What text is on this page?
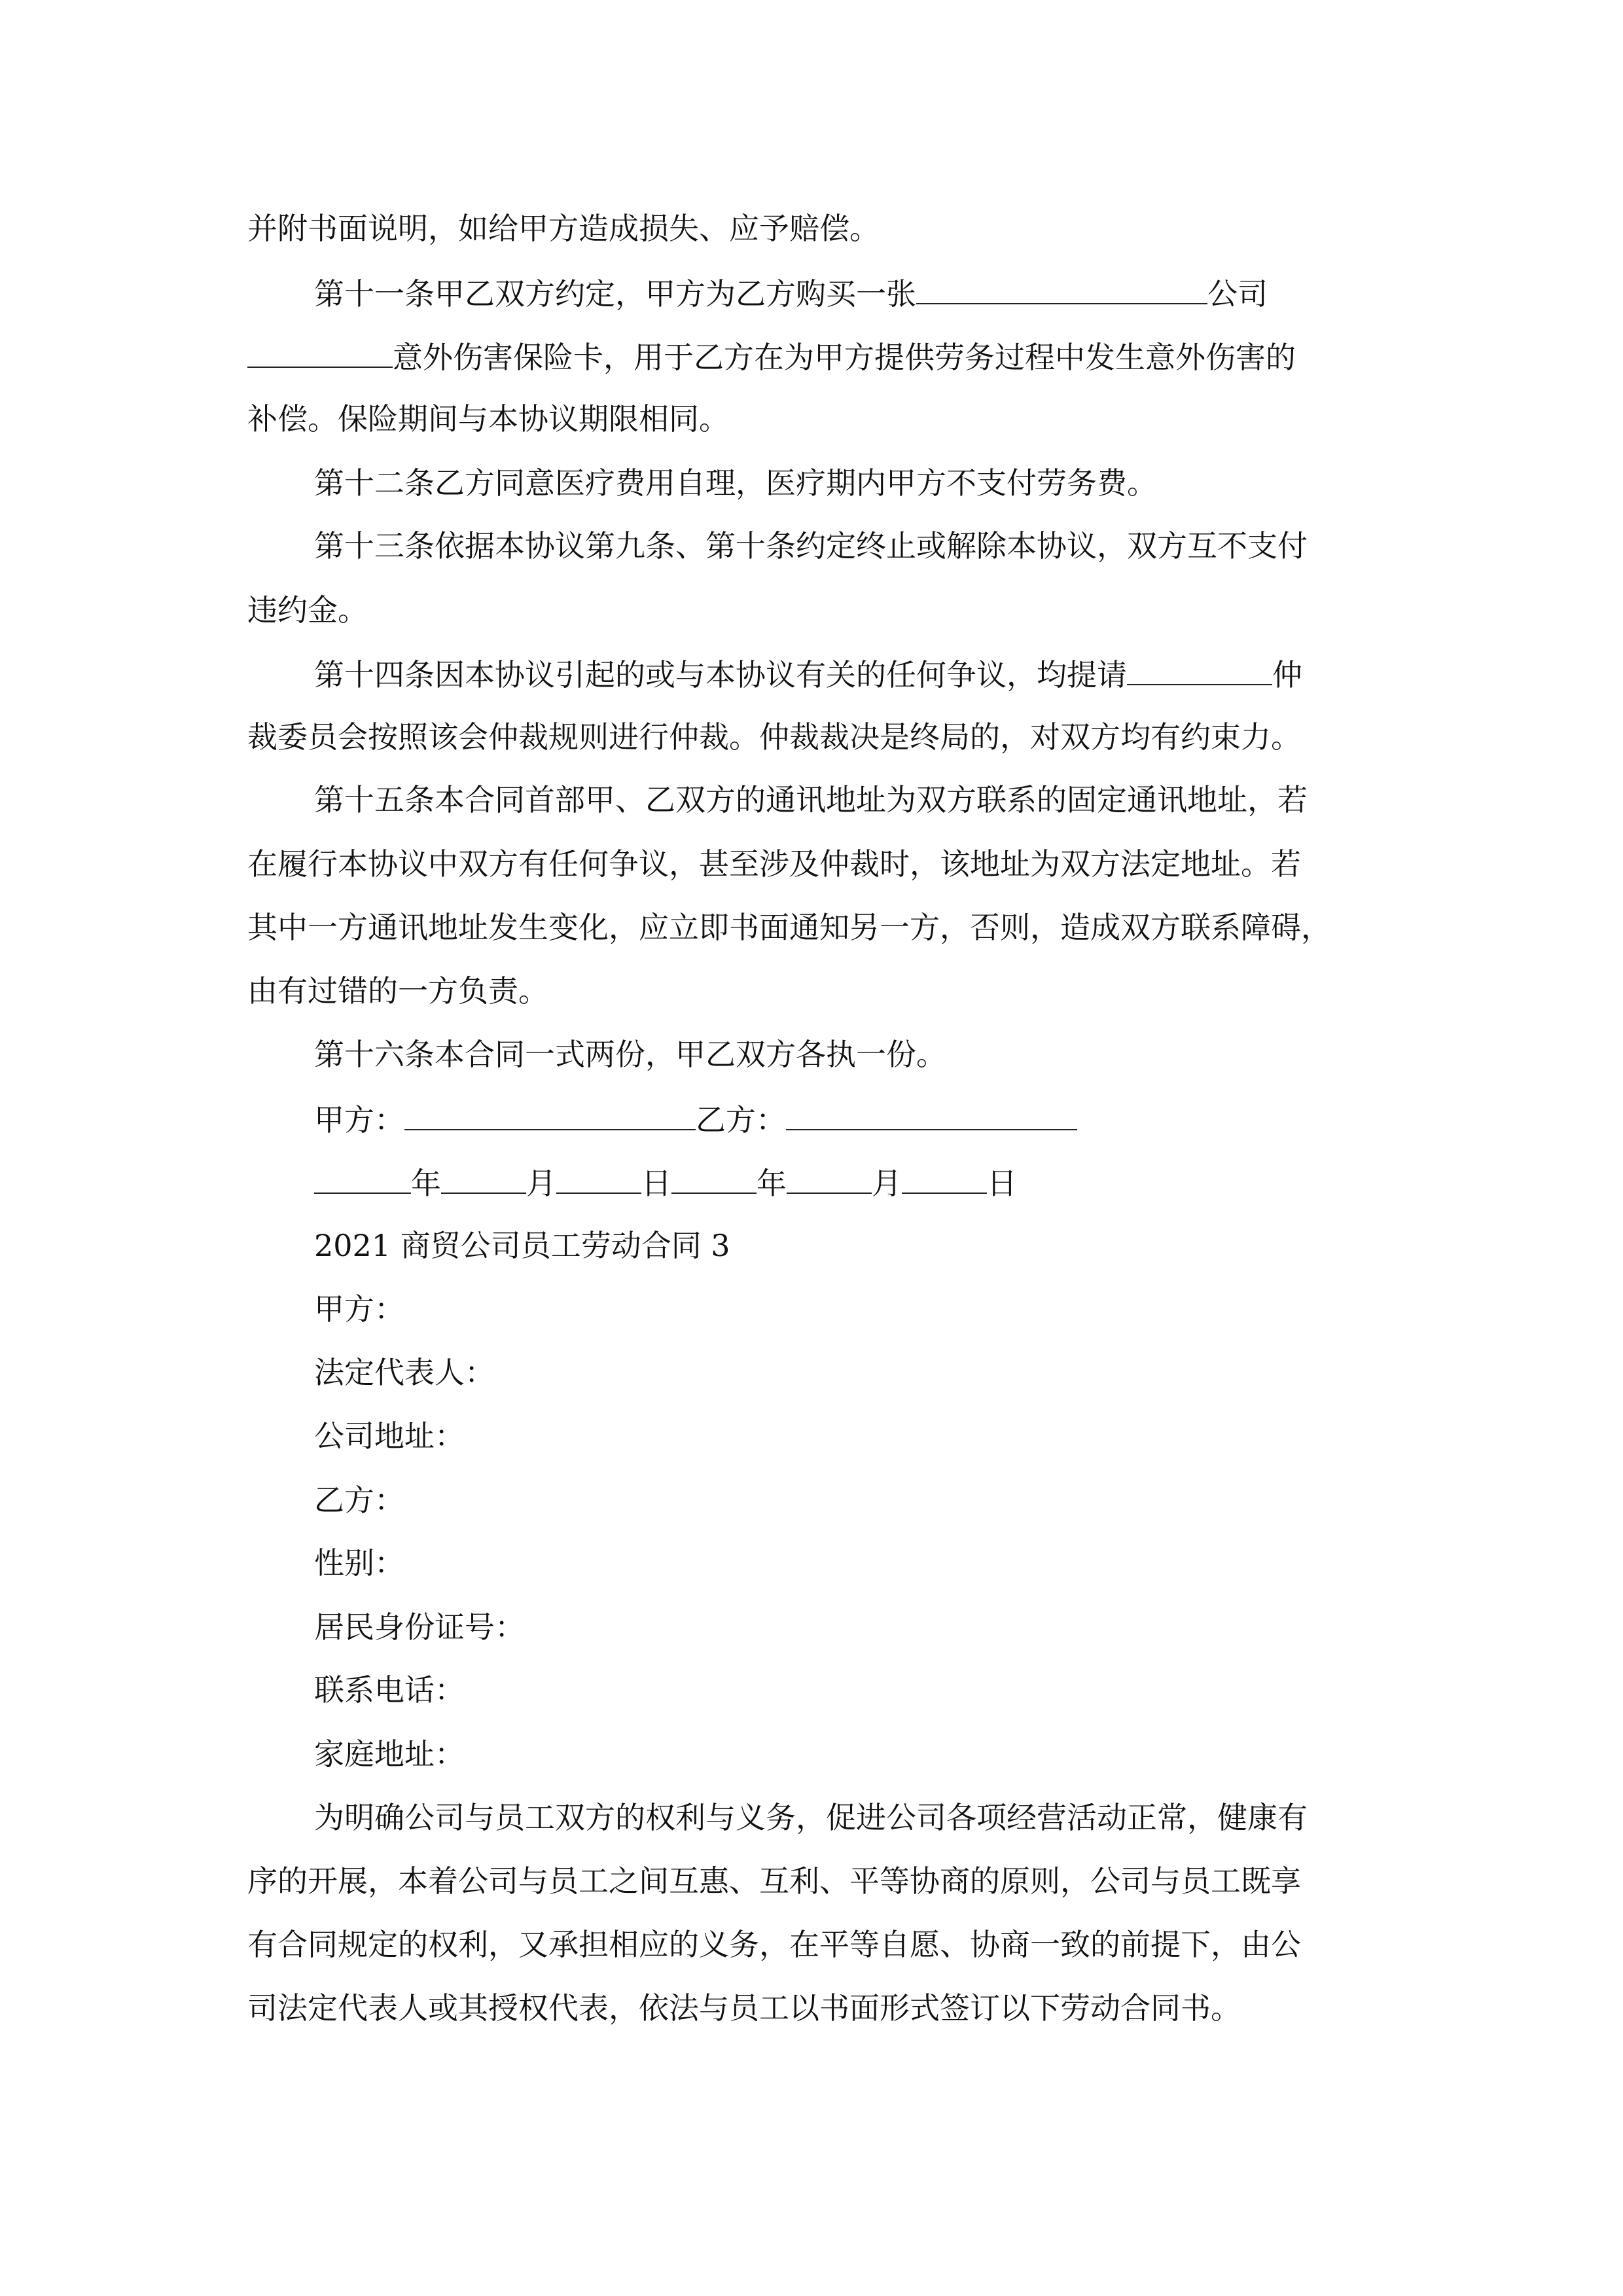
并附书面说明，如给甲方造成损失、应予赔偿。
第十一条甲乙双方约定，甲方为乙方购买一张	公司
意外伤害保险卡，用于乙方在为甲方提供劳务过程中发生意外伤害的
补偿。保险期间与本协议期限相同。
第十二条乙方同意医疗费用自理，医疗期内甲方不支付劳务费。
第十三条依据本协议第九条、第十条约定终止或解除本协议，双方互不支付
违约金。
第十四条因本协议引起的或与本协议有关的任何争议，均提请	仲
裁委员会按照该会仲裁规则进行仲裁。仲裁裁决是终局的，对双方均有约束力。
第十五条本合同首部甲、乙双方的通讯地址为双方联系的固定通讯地址，若
在履行本协议中双方有任何争议，甚至涉及仲裁时，该地址为双方法定地址。若
其中一方通讯地址发生变化，应立即书面通知另一方，否则，造成双方联系障碍，
由有过错的一方负责。
第十六条本合同一式两份，甲乙双方各执一份。
甲方：	乙方：
年	月	日	年	月	日
2021 商贸公司员工劳动合同 3
甲方：
法定代表人：
公司地址：
乙方：
性别：
居民身份证号：
联系电话：
家庭地址：
为明确公司与员工双方的权利与义务，促进公司各项经营活动正常，健康有
序的开展，本着公司与员工之间互惠、互利、平等协商的原则，公司与员工既享
有合同规定的权利，又承担相应的义务，在平等自愿、协商一致的前提下，由公
司法定代表人或其授权代表，依法与员工以书面形式签订以下劳动合同书。
